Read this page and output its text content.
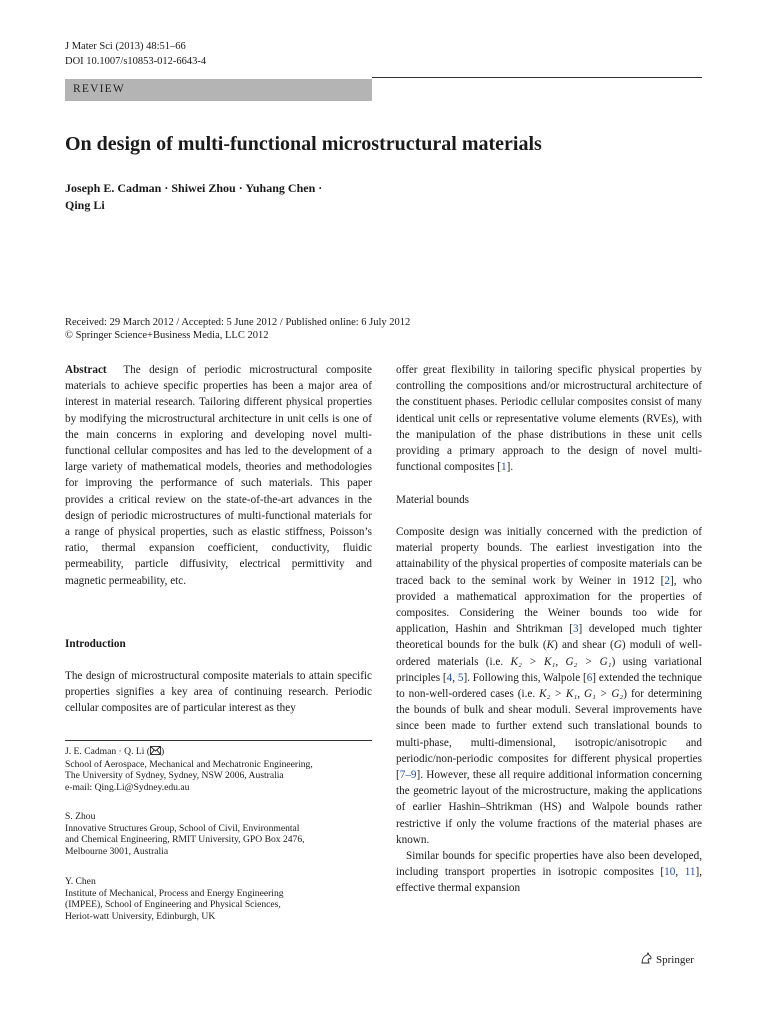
J Mater Sci (2013) 48:51–66
DOI 10.1007/s10853-012-6643-4
REVIEW
On design of multi-functional microstructural materials
Joseph E. Cadman · Shiwei Zhou · Yuhang Chen ·
Qing Li
Received: 29 March 2012 / Accepted: 5 June 2012 / Published online: 6 July 2012
© Springer Science+Business Media, LLC 2012

Abstract The design of periodic microstructural composite materials to achieve specific properties has been a major area of interest in material research. Tailoring different physical properties by modifying the microstructural architecture in unit cells is one of the main concerns in exploring and developing novel multi-functional cellular composites and has led to the development of a large variety of mathematical models, theories and methodologies for improving the performance of such materials. This paper provides a critical review on the state-of-the-art advances in the design of periodic microstructures of multi-functional materials for a range of physical properties, such as elastic stiffness, Poisson’s ratio, thermal expansion coefficient, conductivity, fluidic permeability, particle diffusivity, electrical permittivity and magnetic permeability, etc.

Introduction

The design of microstructural composite materials to attain specific properties signifies a key area of continuing research. Periodic cellular composites are of particular interest as they

J. E. Cadman · Q. Li ( )

School of Aerospace, Mechanical and Mechatronic Engineering,

The University of Sydney, Sydney, NSW 2006, Australia

e-mail: Qing.Li@Sydney.edu.au

S. Zhou

Innovative Structures Group, School of Civil, Environmental

and Chemical Engineering, RMIT University, GPO Box 2476,

Melbourne 3001, Australia

Y. Chen

Institute of Mechanical, Process and Energy Engineering

(IMPEE), School of Engineering and Physical Sciences,

Heriot-watt University, Edinburgh, UK

offer great flexibility in tailoring specific physical properties by controlling the compositions and/or microstructural architecture of the constituent phases. Periodic cellular composites consist of many identical unit cells or representative volume elements (RVEs), with the manipulation of the phase distributions in these unit cells providing a primary approach to the design of novel multi-functional composites [1].

Material bounds

Composite design was initially concerned with the prediction of material property bounds. The earliest investigation into the attainability of the physical properties of composite materials can be traced back to the seminal work by Weiner in 1912 [2], who provided a mathematical approximation for the properties of composites. Considering the Weiner bounds too wide for application, Hashin and Shtrikman [3] developed much tighter theoretical bounds for the bulk (K) and shear (G) moduli of well-ordered materials (i.e. K₂ > K₁, G₂ > G₁) using variational principles [4, 5]. Following this, Walpole [6] extended the technique to non-well-ordered cases (i.e. K₂ > K₁, G₁ > G₂) for determining the bounds of bulk and shear moduli. Several improvements have since been made to further extend such translational bounds to multi-phase, multi-dimensional, isotropic/anisotropic and periodic/non-periodic composites for different physical properties [7–9]. However, these all require additional information concerning the geometric layout of the microstructure, making the applications of earlier Hashin–Shtrikman (HS) and Walpole bounds rather restrictive if only the volume fractions of the material phases are known.

Similar bounds for specific properties have also been developed, including transport properties in isotropic composites [10, 11], effective thermal expansion

Springer
